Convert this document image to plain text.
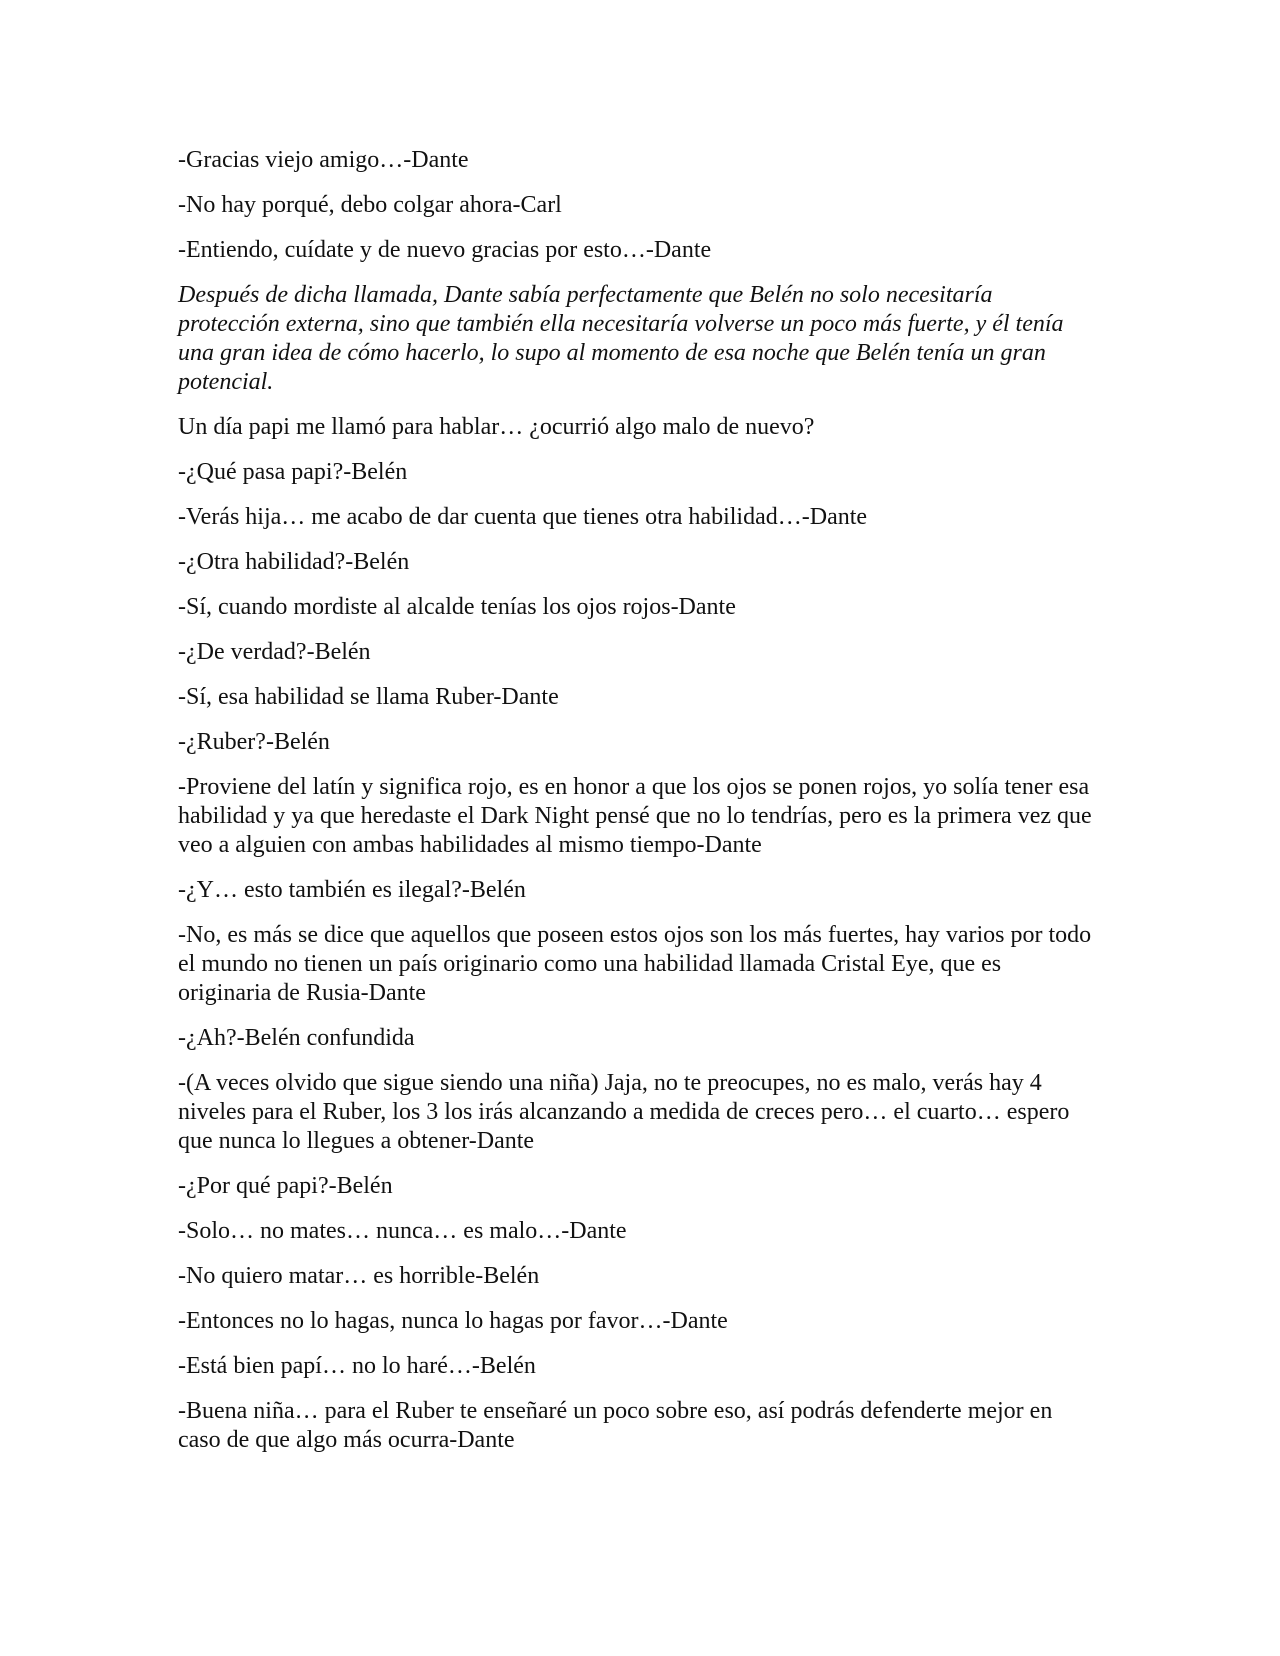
-Gracias viejo amigo…-Dante

-No hay porqué, debo colgar ahora-Carl

-Entiendo, cuídate y de nuevo gracias por esto…-Dante

Después de dicha llamada, Dante sabía perfectamente que Belén no solo necesitaría protección externa, sino que también ella necesitaría volverse un poco más fuerte, y él tenía una gran idea de cómo hacerlo, lo supo al momento de esa noche que Belén tenía un gran potencial.

Un día papi me llamó para hablar… ¿ocurrió algo malo de nuevo?

-¿Qué pasa papi?-Belén

-Verás hija… me acabo de dar cuenta que tienes otra habilidad…-Dante

-¿Otra habilidad?-Belén

-Sí, cuando mordiste al alcalde tenías los ojos rojos-Dante

-¿De verdad?-Belén

-Sí, esa habilidad se llama Ruber-Dante

-¿Ruber?-Belén

-Proviene del latín y significa rojo, es en honor a que los ojos se ponen rojos, yo solía tener esa habilidad y ya que heredaste el Dark Night pensé que no lo tendrías, pero es la primera vez que veo a alguien con ambas habilidades al mismo tiempo-Dante

-¿Y… esto también es ilegal?-Belén

-No, es más se dice que aquellos que poseen estos ojos son los más fuertes, hay varios por todo el mundo no tienen un país originario como una habilidad llamada Cristal Eye, que es originaria de Rusia-Dante

-¿Ah?-Belén confundida

-(A veces olvido que sigue siendo una niña) Jaja, no te preocupes, no es malo, verás hay 4 niveles para el Ruber, los 3 los irás alcanzando a medida de creces pero… el cuarto… espero que nunca lo llegues a obtener-Dante

-¿Por qué papi?-Belén

-Solo… no mates… nunca… es malo…-Dante

-No quiero matar… es horrible-Belén

-Entonces no lo hagas, nunca lo hagas por favor…-Dante

-Está bien papí… no lo haré…-Belén

-Buena niña… para el Ruber te enseñaré un poco sobre eso, así podrás defenderte mejor en caso de que algo más ocurra-Dante
